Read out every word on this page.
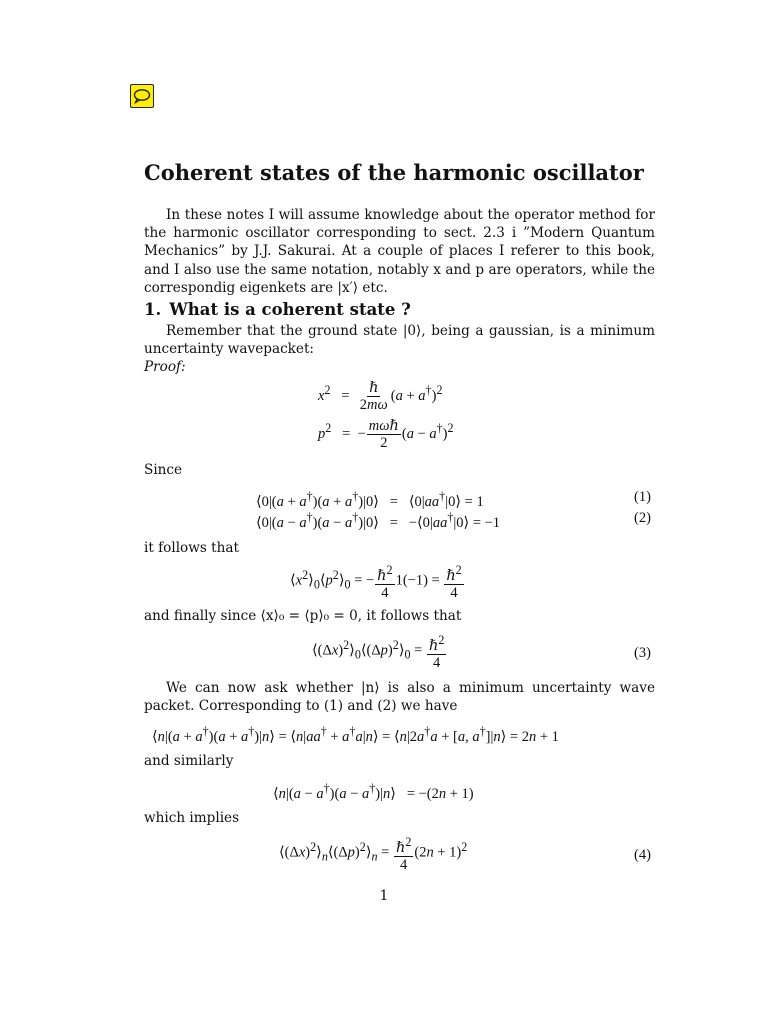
Coherent states of the harmonic oscillator
In these notes I will assume knowledge about the operator method for the harmonic oscillator corresponding to sect. 2.3 i ”Modern Quantum Mechanics” by J.J. Sakurai. At a couple of places I referer to this book, and I also use the same notation, notably x and p are operators, while the correspondig eigenkets are |x′⟩ etc.
1. What is a coherent state ?
Remember that the ground state |0⟩, being a gaussian, is a minimum uncertainty wavepacket:
Proof:
$x^2 = \frac{\text{ℏ}}{2m\omega} (a + a^\dagger)^2$
$p^2$   =  − $\frac{\text{mωℏ}}{2} (a - a^\dagger)^2$
Since
⟨0|(a + a†)(a + a†)|0⟩   =   ⟨0|aa†|0⟩ = 1	(1)
⟨0|(a − a†)(a − a†)|0⟩   =   −⟨0|aa†|0⟩ = −1	(2)
it follows that
$⟨x^2⟩_0⟨p^2⟩_0$ = − $\frac{\hbar^2}{4} 1(-1) = \frac{\hbar^2}{4}$
and finally since ⟨x⟩₀ = ⟨p⟩₀ = 0, it follows that
$⟨(\Delta x)^2⟩_0⟨(\Delta p)^2⟩_0 = \frac{\hbar^2}{4}$	(3)
We can now ask whether |n⟩ is also a minimum uncertainty wave packet. Corresponding to (1) and (2) we have
⟨n|(a + a†)(a + a†)|n⟩ = ⟨n|aa† + a†a|n⟩ = ⟨n|2a†a + [a, a†]|n⟩ = 2n + 1
and similarly
⟨n|(a − a†)(a − a†)|n⟩   = −(2n + 1)
which implies
$⟨(\Delta x)^2⟩_n⟨(\Delta p)^2⟩_n = \frac{\hbar^2}{4} (2n + 1)^2$
(4)
1
